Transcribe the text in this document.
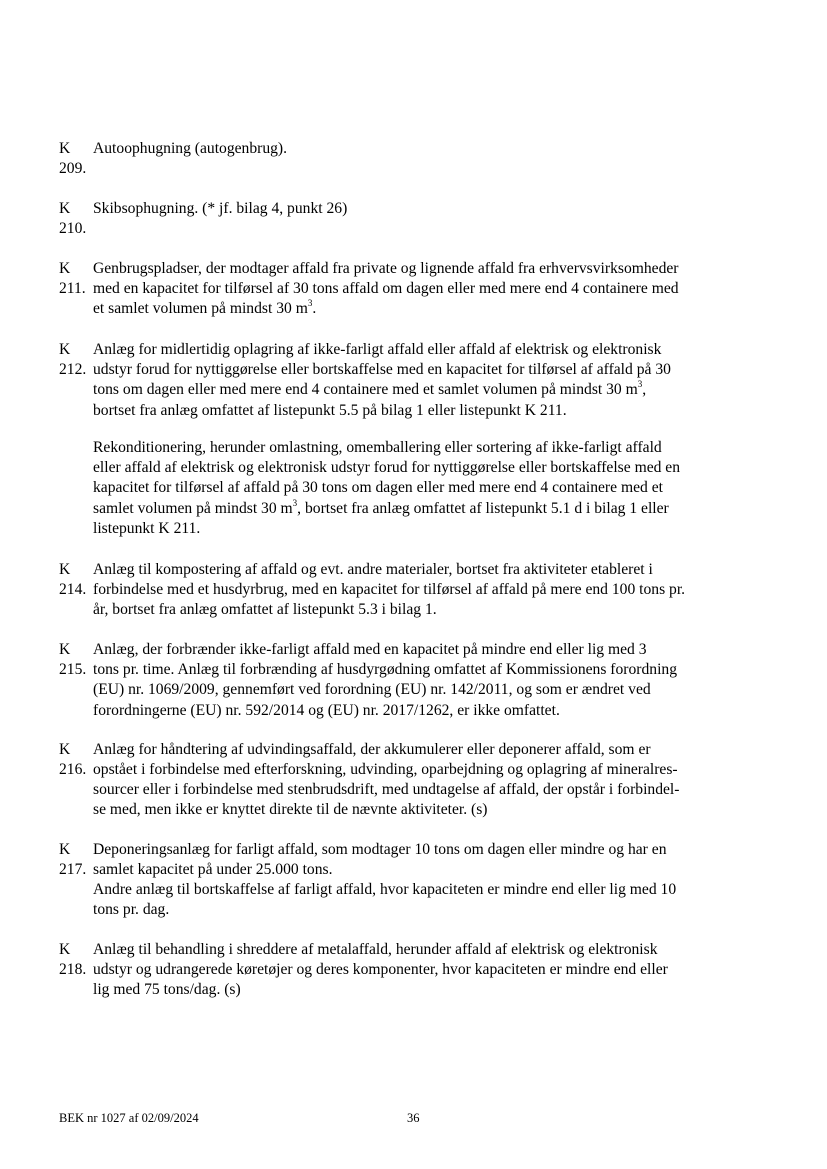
K Autoophugning (autogenbrug).
209.
K Skibsophugning. (* jf. bilag 4, punkt 26)
210.
K Genbrugspladser, der modtager affald fra private og lignende affald fra erhvervsvirksomheder
211. med en kapacitet for tilførsel af 30 tons affald om dagen eller med mere end 4 containere med
et samlet volumen på mindst 30 $m^3$.
K Anlæg for midlertidig oplagring af ikke-farligt affald eller affald af elektrisk og elektronisk
212. udstyr forud for nyttiggørelse eller bortskaffelse med en kapacitet for tilførsel af affald på 30
tons om dagen eller med mere end 4 containere med et samlet volumen på mindst 30 $m^3$,
bortset fra anlæg omfattet af listepunkt 5.5 på bilag 1 eller listepunkt K 211.
Rekonditionering, herunder omlastning, omemballering eller sortering af ikke-farligt affald
eller affald af elektrisk og elektronisk udstyr forud for nyttiggørelse eller bortskaffelse med en
kapacitet for tilførsel af affald på 30 tons om dagen eller med mere end 4 containere med et
samlet volumen på mindst 30 $m^3$, bortset fra anlæg omfattet af listepunkt 5.1 d i bilag 1 eller
listepunkt K 211.
K Anlæg til kompostering af affald og evt. andre materialer, bortset fra aktiviteter etableret i
214. forbindelse med et husdyrbrug, med en kapacitet for tilførsel af affald på mere end 100 tons pr.
år, bortset fra anlæg omfattet af listepunkt 5.3 i bilag 1.
K Anlæg, der forbrænder ikke-farligt affald med en kapacitet på mindre end eller lig med 3
215. tons pr. time. Anlæg til forbrænding af husdyrgødning omfattet af Kommissionens forordning
(EU) nr. 1069/2009, gennemført ved forordning (EU) nr. 142/2011, og som er ændret ved
forordningerne (EU) nr. 592/2014 og (EU) nr. 2017/1262, er ikke omfattet.
K Anlæg for håndtering af udvindingsaffald, der akkumulerer eller deponerer affald, som er
216. opstået i forbindelse med efterforskning, udvinding, oparbejdning og oplagring af mineralres-
sourcer eller i forbindelse med stenbrudsdrift, med undtagelse af affald, der opstår i forbindel-
se med, men ikke er knyttet direkte til de nævnte aktiviteter. (s)
K Deponeringsanlæg for farligt affald, som modtager 10 tons om dagen eller mindre og har en
217. samlet kapacitet på under 25.000 tons.
Andre anlæg til bortskaffelse af farligt affald, hvor kapaciteten er mindre end eller lig med 10
tons pr. dag.
K Anlæg til behandling i shreddere af metalaffald, herunder affald af elektrisk og elektronisk
218. udstyr og udrangerede køretøjer og deres komponenter, hvor kapaciteten er mindre end eller
lig med 75 tons/dag. (s)
BEK nr 1027 af 02/09/2024	36
